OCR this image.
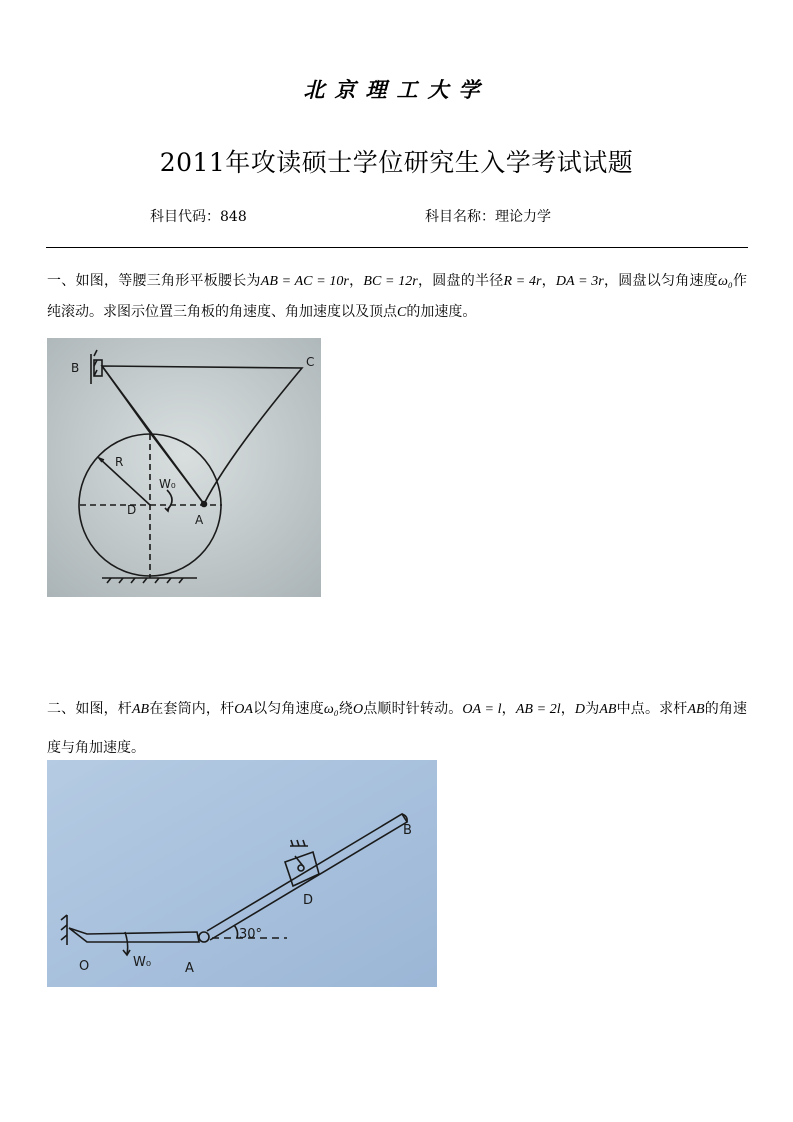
北京理工大学
2011年攻读硕士学位研究生入学考试试题
科目代码：848	科目名称：理论力学
一、如图，等腰三角形平板腰长为AB = AC = 10r，BC = 12r，圆盘的半径R = 4r，DA = 3r，圆盘以匀角速度ω₀作纯滚动。求图示位置三角板的角速度、角加速度以及顶点C的加速度。
B	C
R
W₀
D
A
二、如图，杆AB在套筒内，杆OA以匀角速度ω₀绕O点顺时针转动。OA = l，AB = 2l，D为AB中点。求杆AB的角速度与角加速度。
B
D
30°
O	W₀	A
